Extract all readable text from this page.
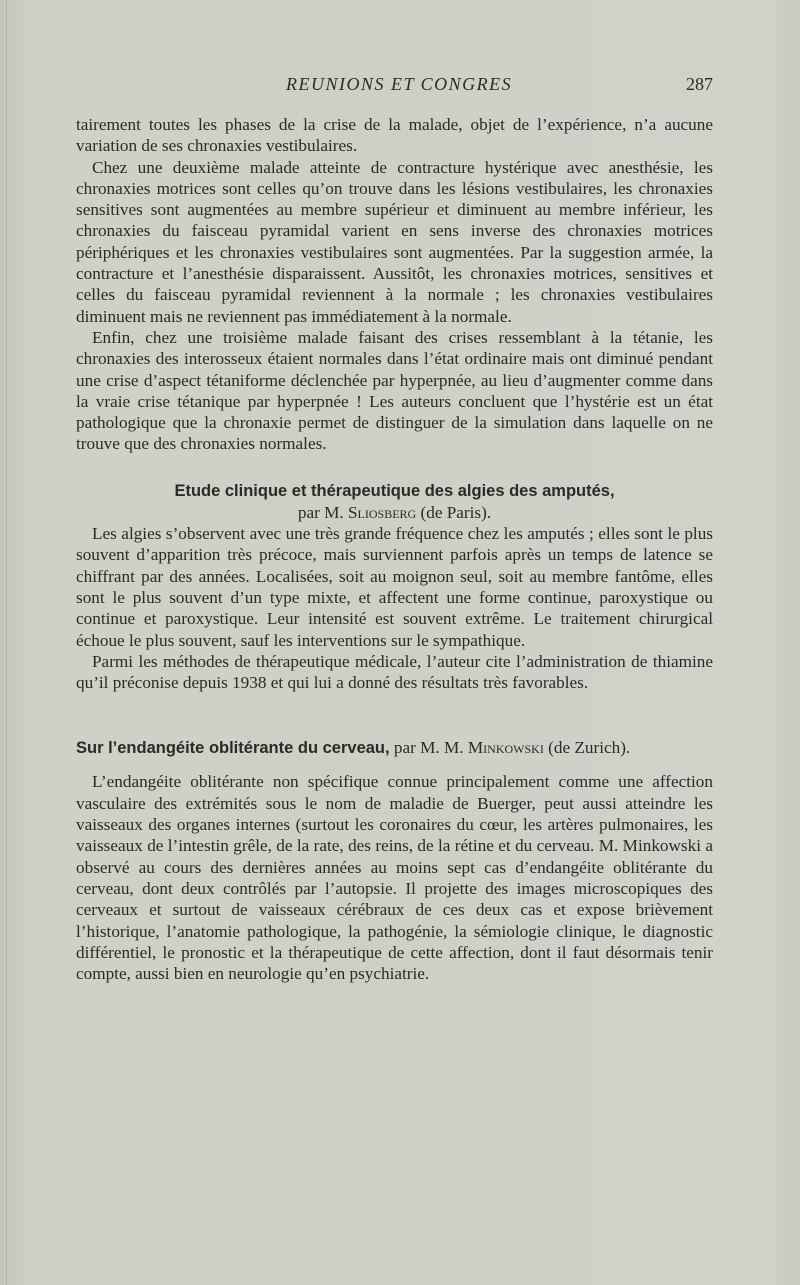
REUNIONS ET CONGRES	287

tairement toutes les phases de la crise de la malade, objet de l’expérience, n’a aucune variation de ses chronaxies vestibulaires.

Chez une deuxième malade atteinte de contracture hystérique avec anesthésie, les chronaxies motrices sont celles qu’on trouve dans les lésions vestibulaires, les chronaxies sensitives sont augmentées au membre supérieur et diminuent au membre inférieur, les chronaxies du faisceau pyramidal varient en sens inverse des chronaxies motrices périphériques et les chronaxies vestibulaires sont augmentées. Par la suggestion armée, la contracture et l’anesthésie disparaissent. Aussitôt, les chronaxies motrices, sensitives et celles du faisceau pyramidal reviennent à la normale ; les chronaxies vestibulaires diminuent mais ne reviennent pas immédiatement à la normale.

Enfin, chez une troisième malade faisant des crises ressemblant à la tétanie, les chronaxies des interosseux étaient normales dans l’état ordinaire mais ont diminué pendant une crise d’aspect tétaniforme déclenchée par hyperpnée, au lieu d’augmenter comme dans la vraie crise tétanique par hyperpnée ! Les auteurs concluent que l’hystérie est un état pathologique que la chronaxie permet de distinguer de la simulation dans laquelle on ne trouve que des chronaxies normales.

Etude clinique et thérapeutique des algies des amputés,

par M. Sliosberg (de Paris).

Les algies s’observent avec une très grande fréquence chez les amputés ; elles sont le plus souvent d’apparition très précoce, mais surviennent parfois après un temps de latence se chiffrant par des années. Localisées, soit au moignon seul, soit au membre fantôme, elles sont le plus souvent d’un type mixte, et affectent une forme continue, paroxystique ou continue et paroxystique. Leur intensité est souvent extrême. Le traitement chirurgical échoue le plus souvent, sauf les interventions sur le sympathique.

Parmi les méthodes de thérapeutique médicale, l’auteur cite l’administration de thiamine qu’il préconise depuis 1938 et qui lui a donné des résultats très favorables.

Sur l’endangéite oblitérante du cerveau, par M. M. Minkowski (de Zurich).

L’endangéite oblitérante non spécifique connue principalement comme une affection vasculaire des extrémités sous le nom de maladie de Buerger, peut aussi atteindre les vaisseaux des organes internes (surtout les coronaires du cœur, les artères pulmonaires, les vaisseaux de l’intestin grêle, de la rate, des reins, de la rétine et du cerveau. M. Minkowski a observé au cours des dernières années au moins sept cas d’endangéite oblitérante du cerveau, dont deux contrôlés par l’autopsie. Il projette des images microscopiques des cerveaux et surtout de vaisseaux cérébraux de ces deux cas et expose brièvement l’historique, l’anatomie pathologique, la pathogénie, la sémiologie clinique, le diagnostic différentiel, le pronostic et la thérapeutique de cette affection, dont il faut désormais tenir compte, aussi bien en neurologie qu’en psychiatrie.
